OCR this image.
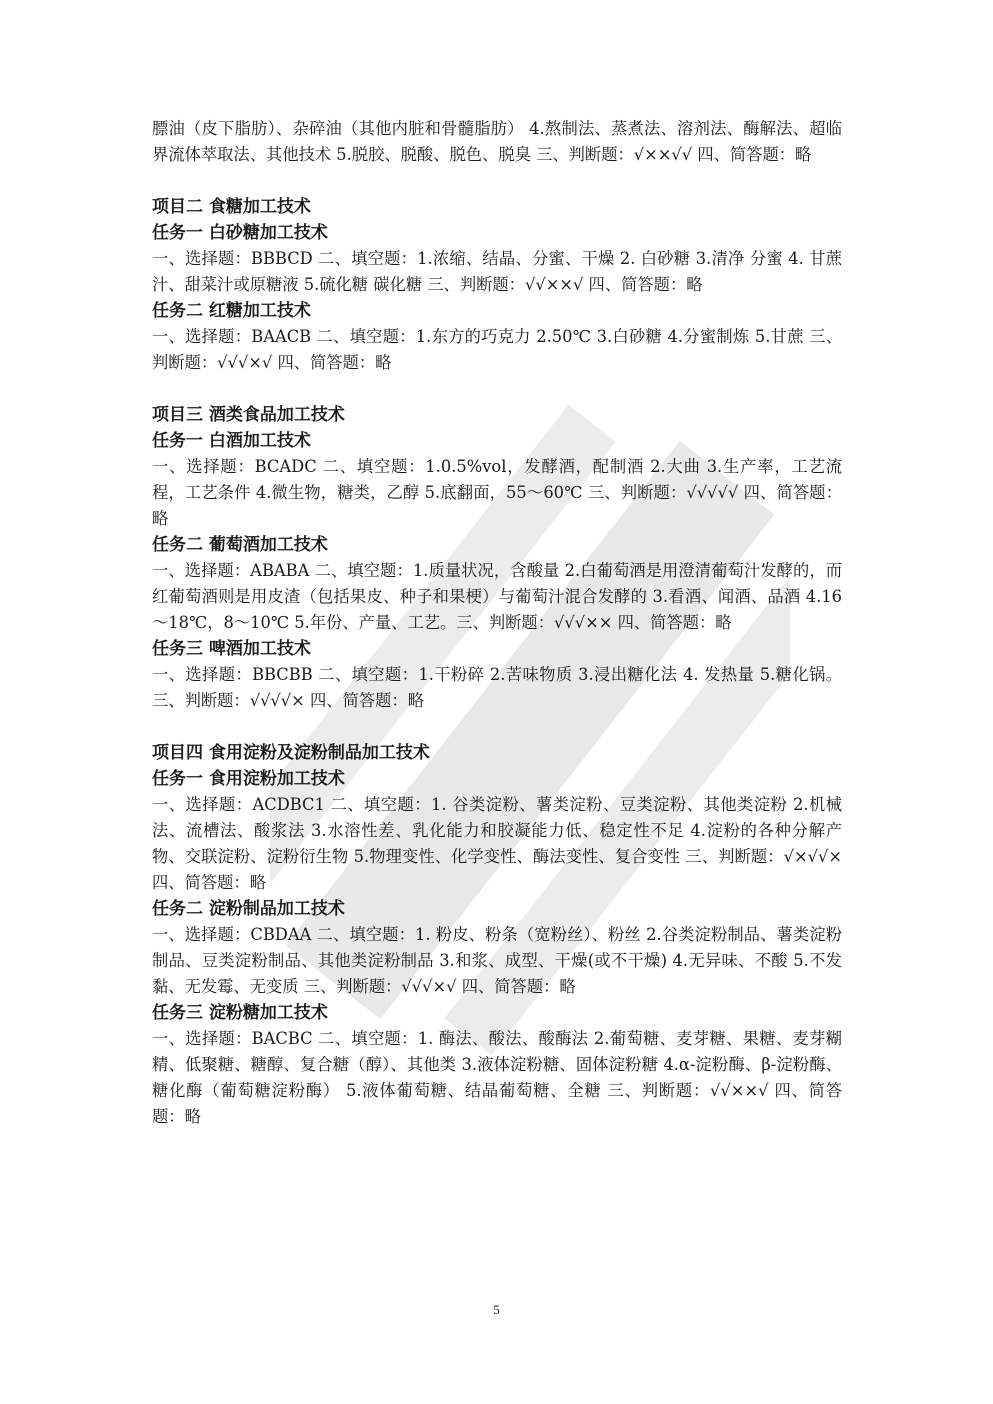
膘油（皮下脂肪）、杂碎油（其他内脏和骨髓脂肪） 4.熬制法、蒸煮法、溶剂法、酶解法、超临界流体萃取法、其他技术 5.脱胶、脱酸、脱色、脱臭 三、判断题：√××√√ 四、简答题：略

项目二 食糖加工技术

任务一 白砂糖加工技术

一、选择题：BBBCD 二、填空题：1.浓缩、结晶、分蜜、干燥 2. 白砂糖 3.清净 分蜜 4. 甘蔗汁、甜菜汁或原糖液 5.硫化糖 碳化糖 三、判断题：√√××√ 四、简答题：略

任务二 红糖加工技术

一、选择题：BAACB 二、填空题：1.东方的巧克力 2.50℃ 3.白砂糖 4.分蜜制炼 5.甘蔗 三、判断题：√√√×√ 四、简答题：略

项目三 酒类食品加工技术

任务一 白酒加工技术

一、选择题：BCADC 二、填空题：1.0.5%vol，发酵酒，配制酒 2.大曲 3.生产率，工艺流程，工艺条件 4.微生物，糖类，乙醇 5.底翻面，55～60℃ 三、判断题：√√√√√ 四、简答题：略

任务二 葡萄酒加工技术

一、选择题：ABABA 二、填空题：1.质量状况，含酸量 2.白葡萄酒是用澄清葡萄汁发酵的，而红葡萄酒则是用皮渣（包括果皮、种子和果梗）与葡萄汁混合发酵的 3.看酒、闻酒、品酒 4.16～18℃，8～10℃ 5.年份、产量、工艺。三、判断题：√√√×× 四、简答题：略

任务三 啤酒加工技术

一、选择题：BBCBB 二、填空题：1.干粉碎 2.苦味物质 3.浸出糖化法 4. 发热量 5.糖化锅。三、判断题：√√√√× 四、简答题：略

项目四 食用淀粉及淀粉制品加工技术

任务一 食用淀粉加工技术

一、选择题：ACDBC1 二、填空题：1. 谷类淀粉、薯类淀粉、豆类淀粉、其他类淀粉 2.机械法、流槽法、酸浆法 3.水溶性差、乳化能力和胶凝能力低、稳定性不足 4.淀粉的各种分解产物、交联淀粉、淀粉衍生物 5.物理变性、化学变性、酶法变性、复合变性 三、判断题：√×√√× 四、简答题：略

任务二 淀粉制品加工技术

一、选择题：CBDAA 二、填空题：1. 粉皮、粉条（宽粉丝）、粉丝 2.谷类淀粉制品、薯类淀粉制品、豆类淀粉制品、其他类淀粉制品 3.和浆、成型、干燥(或不干燥) 4.无异味、不酸 5.不发黏、无发霉、无变质 三、判断题：√√√×√ 四、简答题：略

任务三 淀粉糖加工技术

一、选择题：BACBC 二、填空题：1. 酶法、酸法、酸酶法 2.葡萄糖、麦芽糖、果糖、麦芽糊精、低聚糖、糖醇、复合糖（醇）、其他类 3.液体淀粉糖、固体淀粉糖 4.α-淀粉酶、β-淀粉酶、糖化酶（葡萄糖淀粉酶） 5.液体葡萄糖、结晶葡萄糖、全糖 三、判断题：√√××√ 四、简答题：略

5
